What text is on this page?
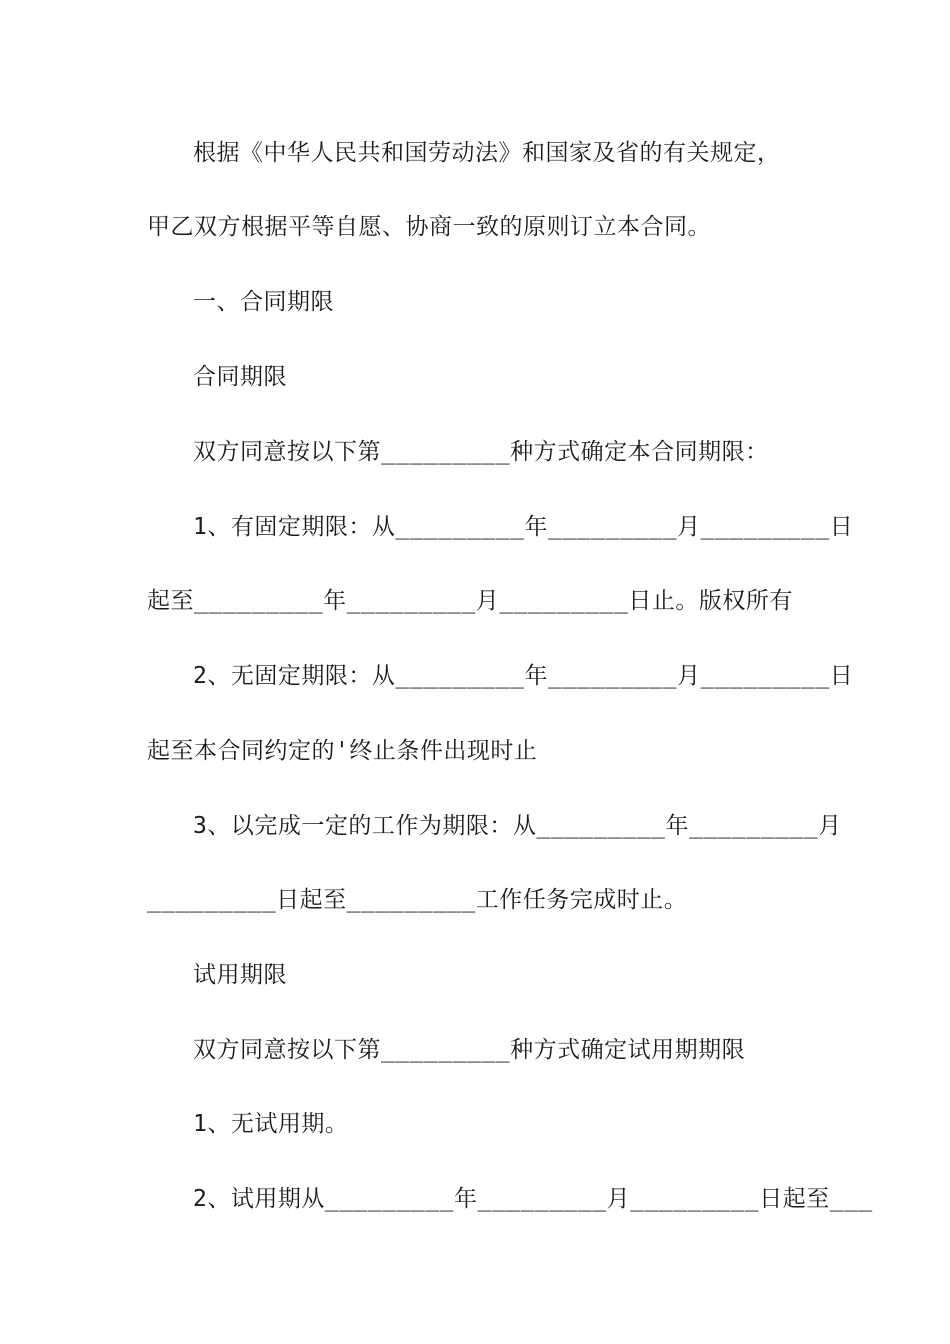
根据《中华人民共和国劳动法》和国家及省的有关规定，
甲乙双方根据平等自愿、协商一致的原则订立本合同。
一、合同期限
合同期限
双方同意按以下第_________种方式确定本合同期限：
1、有固定期限：从_________年_________月_________日
起至_________年_________月_________日止。版权所有
2、无固定期限：从_________年_________月_________日
起至本合同约定的'终止条件出现时止
3、以完成一定的工作为期限：从_________年_________月
_________日起至_________工作任务完成时止。
试用期限
双方同意按以下第_________种方式确定试用期期限
1、无试用期。
2、试用期从_________年_________月_________日起至___
